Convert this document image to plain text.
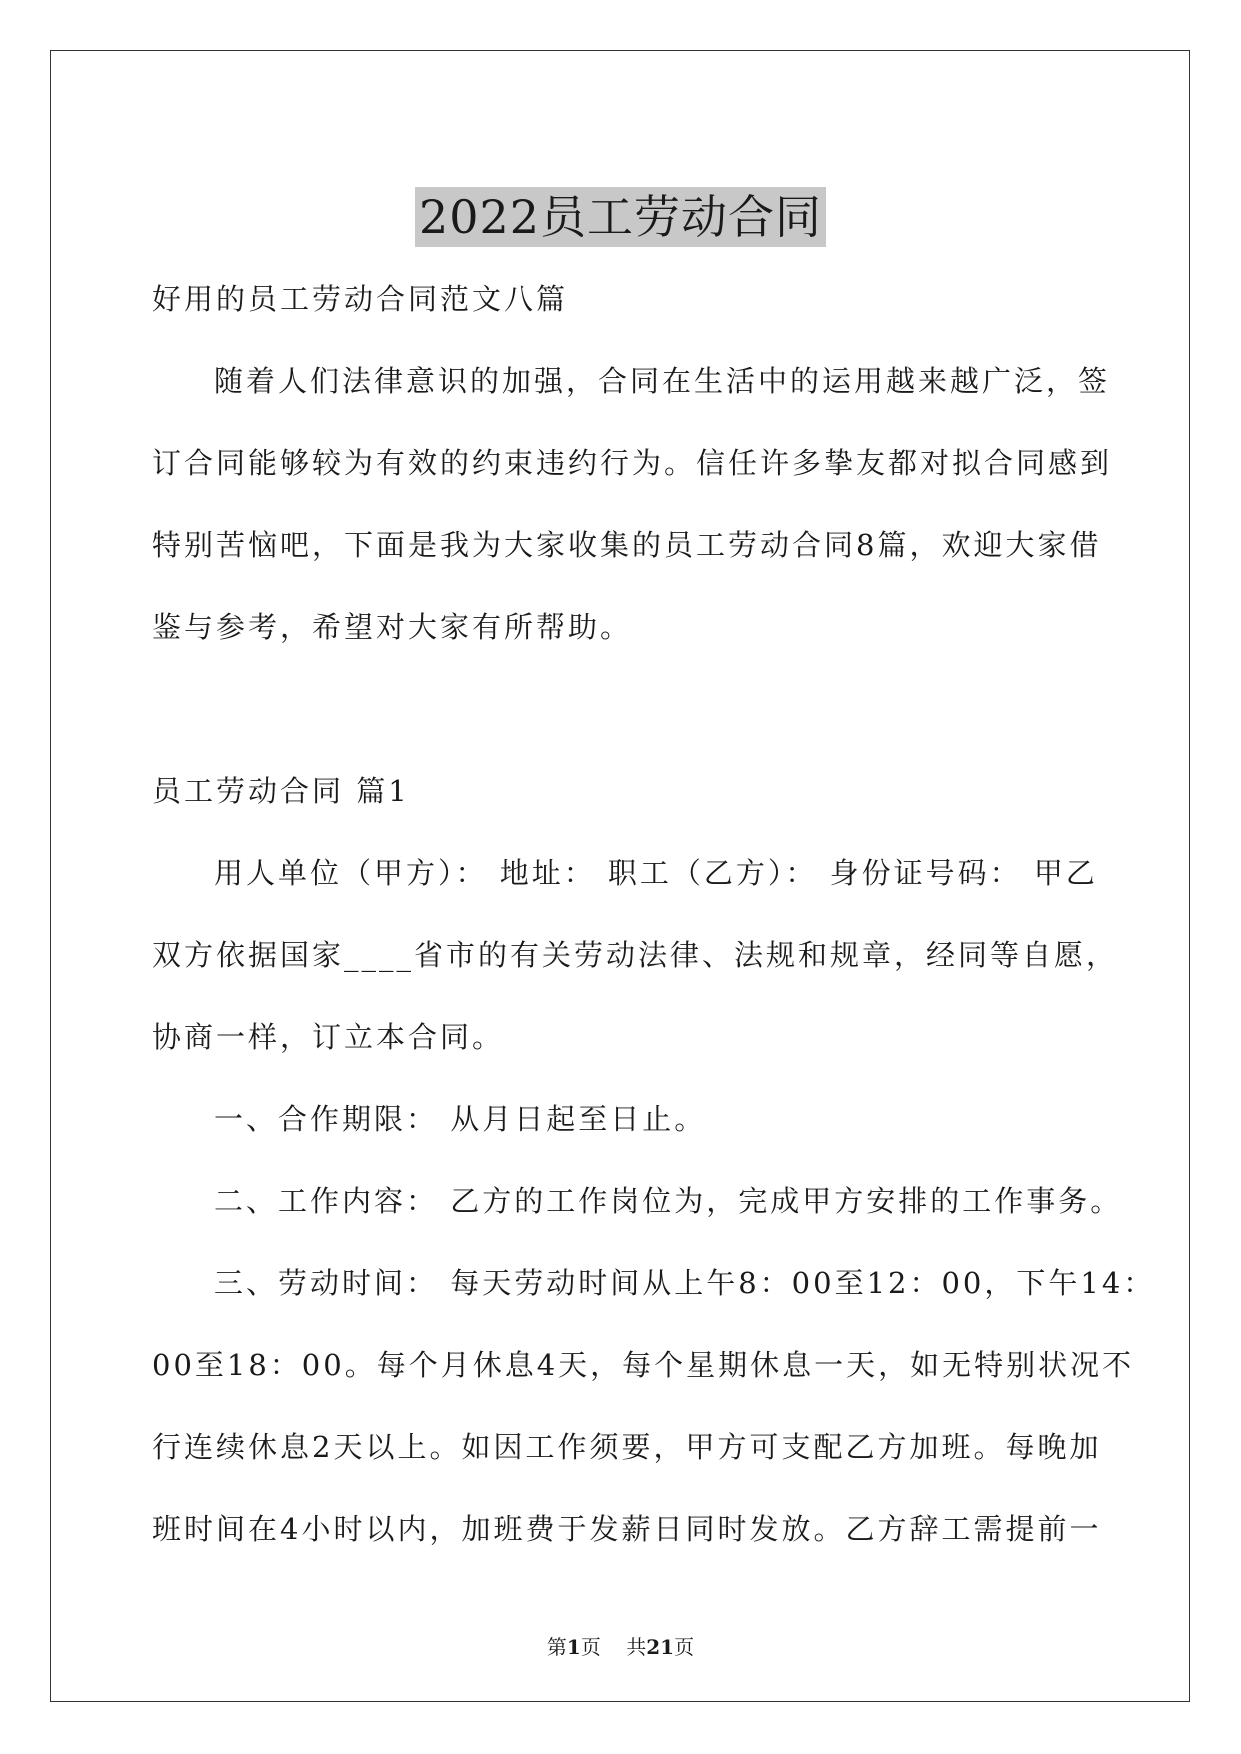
2022员工劳动合同
好用的员工劳动合同范文八篇
随着人们法律意识的加强，合同在生活中的运用越来越广泛，签
订合同能够较为有效的约束违约行为。信任许多挚友都对拟合同感到
特别苦恼吧，下面是我为大家收集的员工劳动合同8篇，欢迎大家借
鉴与参考，希望对大家有所帮助。
员工劳动合同 篇1
用人单位（甲方）： 地址： 职工（乙方）： 身份证号码： 甲乙
双方依据国家____省市的有关劳动法律、法规和规章，经同等自愿，
协商一样，订立本合同。
一、合作期限： 从月日起至日止。
二、工作内容： 乙方的工作岗位为，完成甲方安排的工作事务。
三、劳动时间： 每天劳动时间从上午8：00至12：00，下午14：
00至18：00。每个月休息4天，每个星期休息一天，如无特别状况不
行连续休息2天以上。如因工作须要，甲方可支配乙方加班。每晚加
班时间在4小时以内，加班费于发薪日同时发放。乙方辞工需提前一
第1页 共21页
